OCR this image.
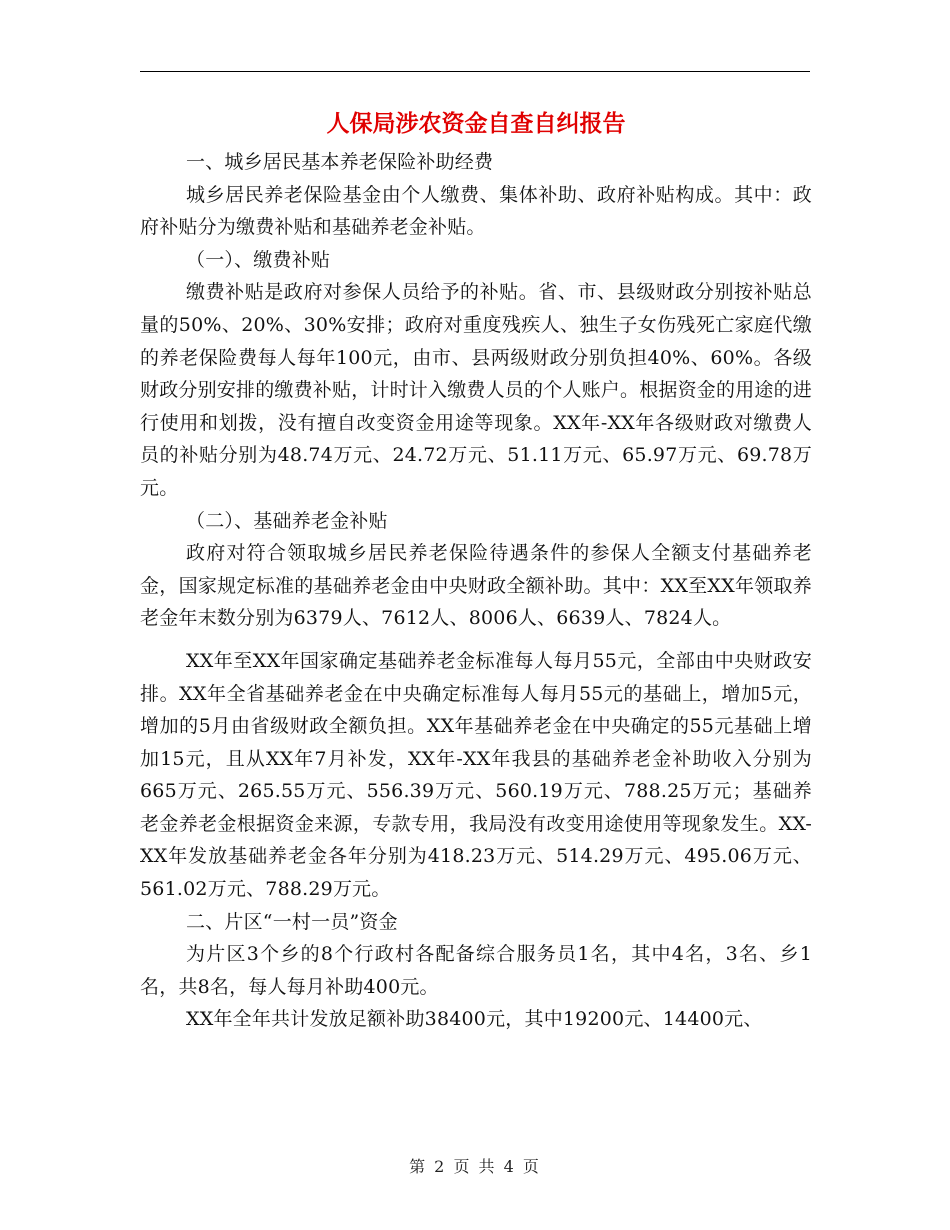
人保局涉农资金自查自纠报告

一、城乡居民基本养老保险补助经费

城乡居民养老保险基金由个人缴费、集体补助、政府补贴构成。其中：政府补贴分为缴费补贴和基础养老金补贴。

（一）、缴费补贴

缴费补贴是政府对参保人员给予的补贴。省、市、县级财政分别按补贴总量的50%、20%、30%安排；政府对重度残疾人、独生子女伤残死亡家庭代缴的养老保险费每人每年100元，由市、县两级财政分别负担40%、60%。各级财政分别安排的缴费补贴，计时计入缴费人员的个人账户。根据资金的用途的进行使用和划拨，没有擅自改变资金用途等现象。XX年-XX年各级财政对缴费人员的补贴分别为48.74万元、24.72万元、51.11万元、65.97万元、69.78万元。

（二）、基础养老金补贴

政府对符合领取城乡居民养老保险待遇条件的参保人全额支付基础养老金，国家规定标准的基础养老金由中央财政全额补助。其中：XX至XX年领取养老金年末数分别为6379人、7612人、8006人、6639人、7824人。

XX年至XX年国家确定基础养老金标准每人每月55元，全部由中央财政安排。XX年全省基础养老金在中央确定标准每人每月55元的基础上，增加5元，增加的5月由省级财政全额负担。XX年基础养老金在中央确定的55元基础上增加15元，且从XX年7月补发，XX年-XX年我县的基础养老金补助收入分别为665万元、265.55万元、556.39万元、560.19万元、788.25万元；基础养老金养老金根据资金来源，专款专用，我局没有改变用途使用等现象发生。XX-XX年发放基础养老金各年分别为418.23万元、514.29万元、495.06万元、561.02万元、788.29万元。

二、片区“一村一员”资金

为片区3个乡的8个行政村各配备综合服务员1名，其中4名，3名、乡1名，共8名，每人每月补助400元。

XX年全年共计发放足额补助38400元，其中19200元、14400元、

第 2 页 共 4 页
